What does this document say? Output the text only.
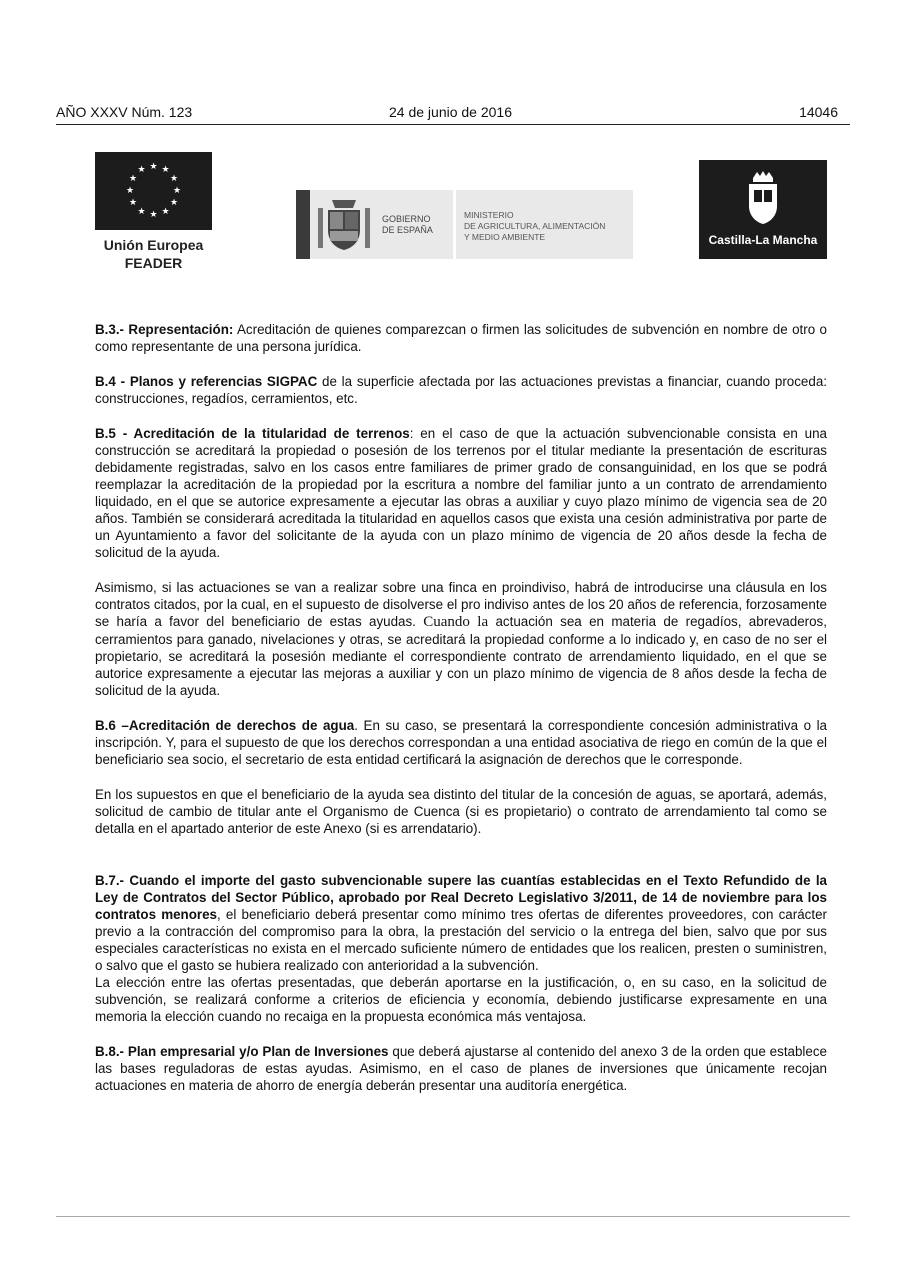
AÑO XXXV Núm. 123	24 de junio de 2016	14046
★ ★
★
★
★
★
★
★
★
★
★
★
Unión Europea
FEADER
GOBIERNO
DE ESPAÑA
MINISTERIO
DE AGRICULTURA, ALIMENTACIÓN
Y MEDIO AMBIENTE	Castilla-La Mancha

B.3.- Representación: Acreditación de quienes comparezcan o firmen las solicitudes de subvención en nombre de otro o como representante de una persona jurídica.

B.4 - Planos y referencias SIGPAC de la superficie afectada por las actuaciones previstas a financiar, cuando proceda: construcciones, regadíos, cerramientos, etc.

B.5 - Acreditación de la titularidad de terrenos: en el caso de que la actuación subvencionable consista en una construcción se acreditará la propiedad o posesión de los terrenos por el titular mediante la presentación de escrituras debidamente registradas, salvo en los casos entre familiares de primer grado de consanguinidad, en los que se podrá reemplazar la acreditación de la propiedad por la escritura a nombre del familiar junto a un contrato de arrendamiento liquidado, en el que se autorice expresamente a ejecutar las obras a auxiliar y cuyo plazo mínimo de vigencia sea de 20 años. También se considerará acreditada la titularidad en aquellos casos que exista una cesión administrativa por parte de un Ayuntamiento a favor del solicitante de la ayuda con un plazo mínimo de vigencia de 20 años desde la fecha de solicitud de la ayuda.

Asimismo, si las actuaciones se van a realizar sobre una finca en proindiviso, habrá de introducirse una cláusula en los contratos citados, por la cual, en el supuesto de disolverse el pro indiviso antes de los 20 años de referencia, forzosamente se haría a favor del beneficiario de estas ayudas. Cuando la actuación sea en materia de regadíos, abrevaderos, cerramientos para ganado, nivelaciones y otras, se acreditará la propiedad conforme a lo indicado y, en caso de no ser el propietario, se acreditará la posesión mediante el correspondiente contrato de arrendamiento liquidado, en el que se autorice expresamente a ejecutar las mejoras a auxiliar y con un plazo mínimo de vigencia de 8 años desde la fecha de solicitud de la ayuda.

B.6 –Acreditación de derechos de agua. En su caso, se presentará la correspondiente concesión administrativa o la inscripción. Y, para el supuesto de que los derechos correspondan a una entidad asociativa de riego en común de la que el beneficiario sea socio, el secretario de esta entidad certificará la asignación de derechos que le corresponde.

En los supuestos en que el beneficiario de la ayuda sea distinto del titular de la concesión de aguas, se aportará, además, solicitud de cambio de titular ante el Organismo de Cuenca (si es propietario) o contrato de arrendamiento tal como se detalla en el apartado anterior de este Anexo (si es arrendatario).

B.7.- Cuando el importe del gasto subvencionable supere las cuantías establecidas en el Texto Refundido de la Ley de Contratos del Sector Público, aprobado por Real Decreto Legislativo 3/2011, de 14 de noviembre para los contratos menores, el beneficiario deberá presentar como mínimo tres ofertas de diferentes proveedores, con carácter previo a la contracción del compromiso para la obra, la prestación del servicio o la entrega del bien, salvo que por sus especiales características no exista en el mercado suficiente número de entidades que los realicen, presten o suministren, o salvo que el gasto se hubiera realizado con anterioridad a la subvención.

La elección entre las ofertas presentadas, que deberán aportarse en la justificación, o, en su caso, en la solicitud de subvención, se realizará conforme a criterios de eficiencia y economía, debiendo justificarse expresamente en una memoria la elección cuando no recaiga en la propuesta económica más ventajosa.

B.8.- Plan empresarial y/o Plan de Inversiones que deberá ajustarse al contenido del anexo 3 de la orden que establece las bases reguladoras de estas ayudas. Asimismo, en el caso de planes de inversiones que únicamente recojan actuaciones en materia de ahorro de energía deberán presentar una auditoría energética.
